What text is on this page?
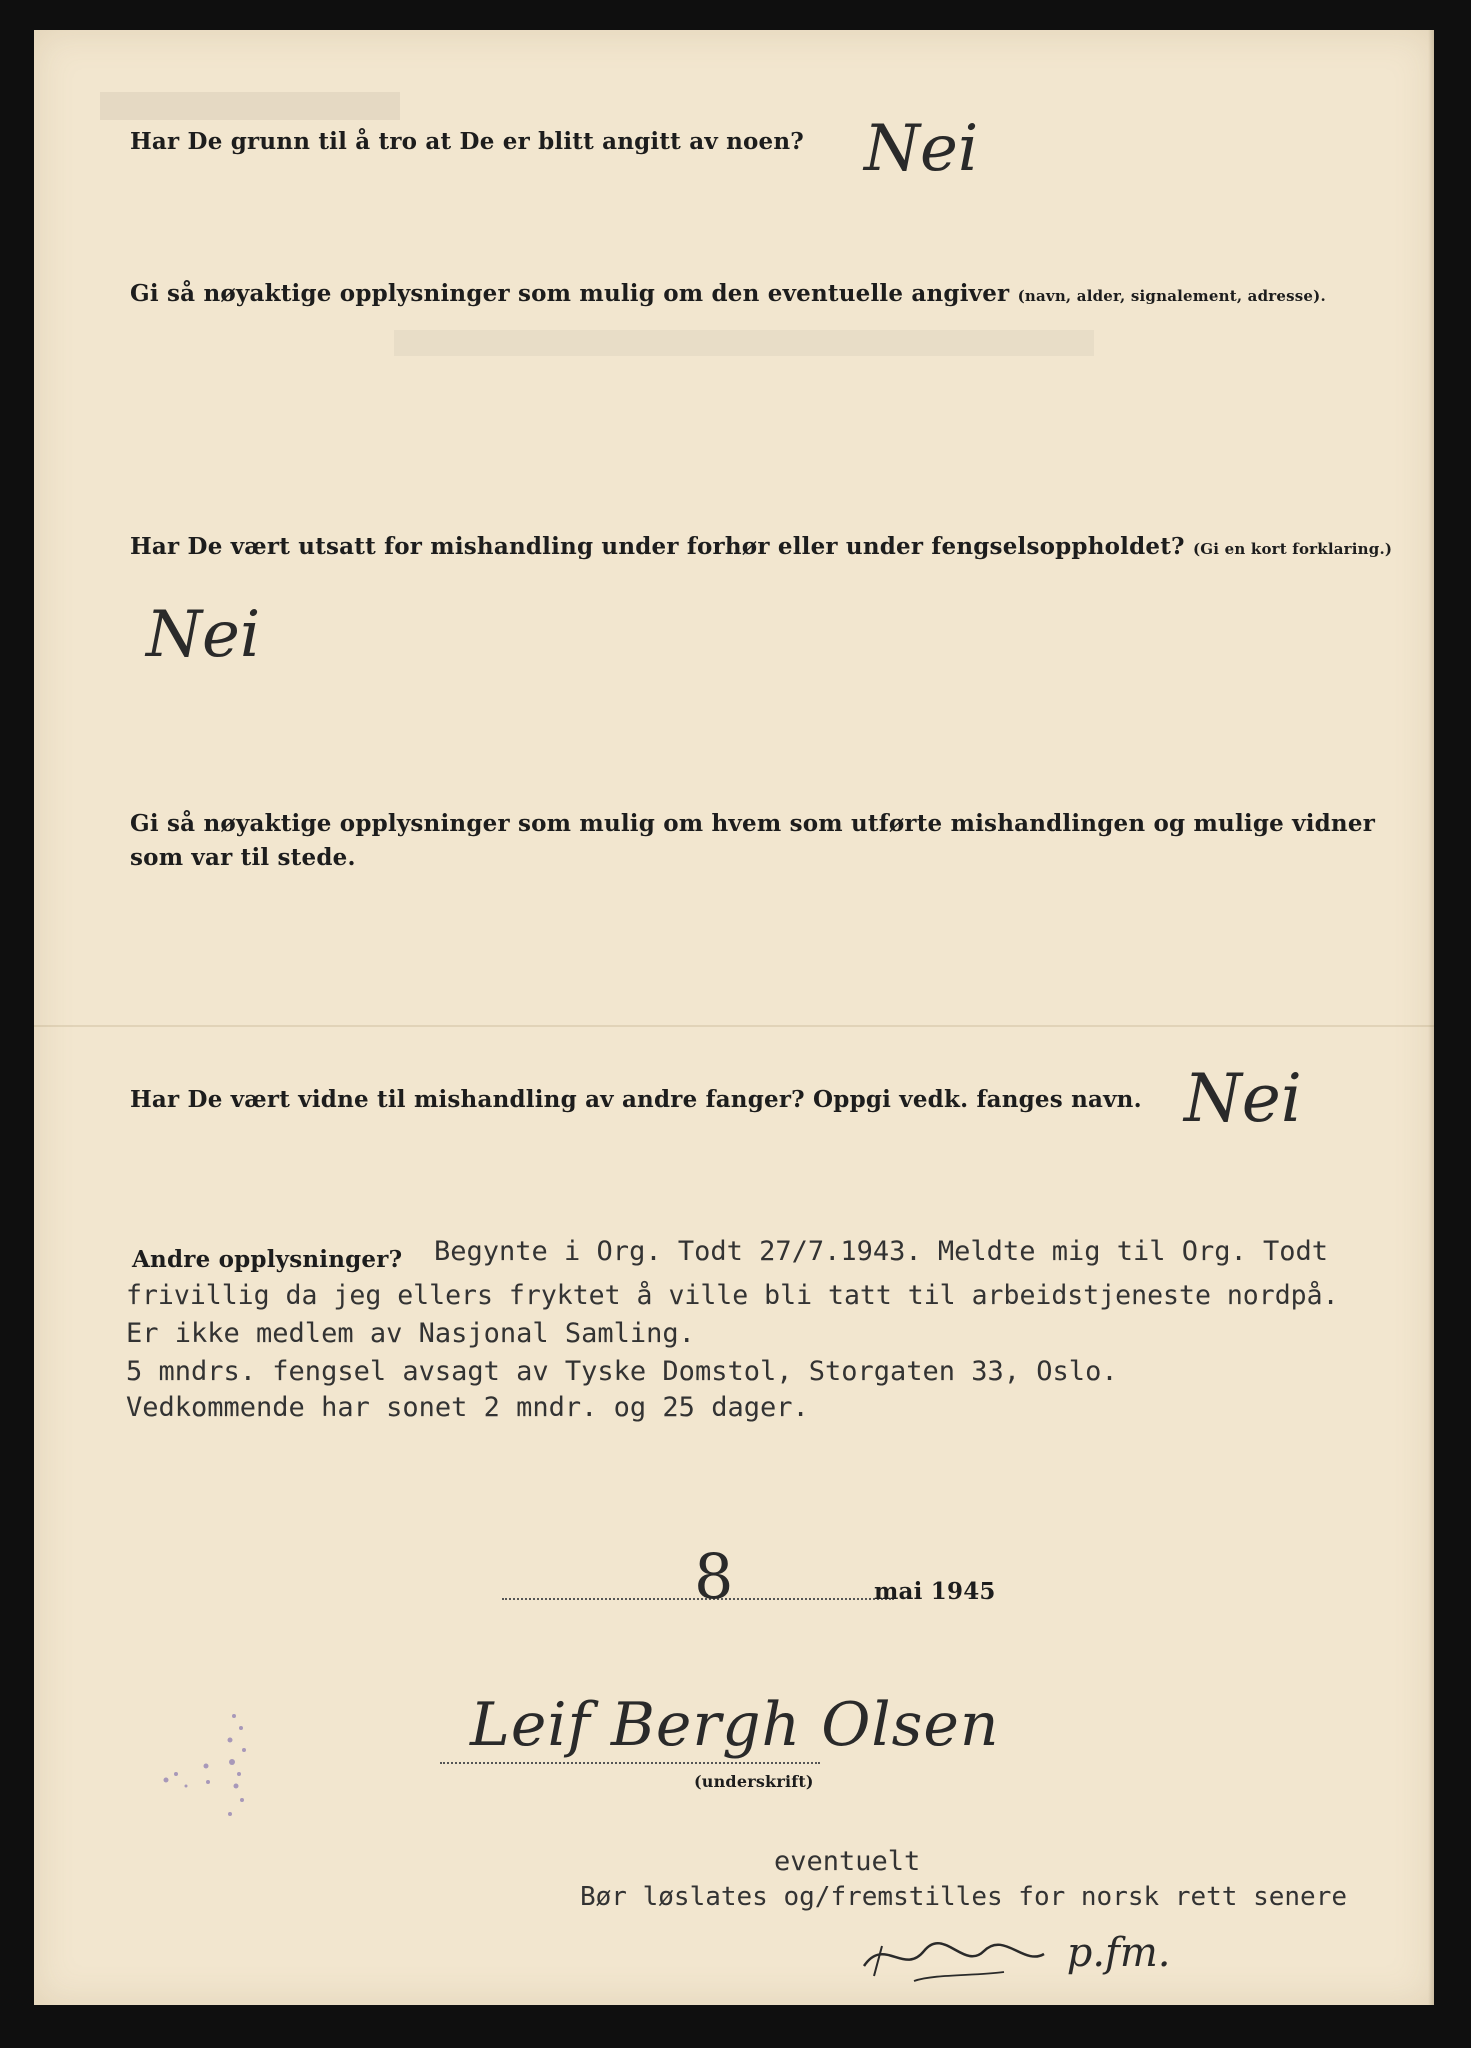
Har De grunn til å tro at De er blitt angitt av noen? Nei
Gi så nøyaktige opplysninger som mulig om den eventuelle angiver (navn, alder, signalement, adresse).
Har De vært utsatt for mishandling under forhør eller under fengselsoppholdet? (Gi en kort forklaring.)
Nei
Gi så nøyaktige opplysninger som mulig om hvem som utførte mishandlingen og mulige vidner
som var til stede.
Har De vært vidne til mishandling av andre fanger? Oppgi vedk. fanges navn. Nei
Andre opplysninger? Begynte i Org. Todt 27/7.1943. Meldte mig til Org. Todt
frivillig da jeg ellers fryktet å ville bli tatt til arbeidstjeneste nordpå.
Er ikke medlem av Nasjonal Samling.
5 mndrs. fengsel avsagt av Tyske Domstol, Storgaten 33, Oslo.
Vedkommende har sonet 2 mndr. og 25 dager.
8	mai 1945
Leif Bergh Olsen
(underskrift)
eventuelt
Bør løslates og/fremstilles for norsk rett senere
p.fm.
